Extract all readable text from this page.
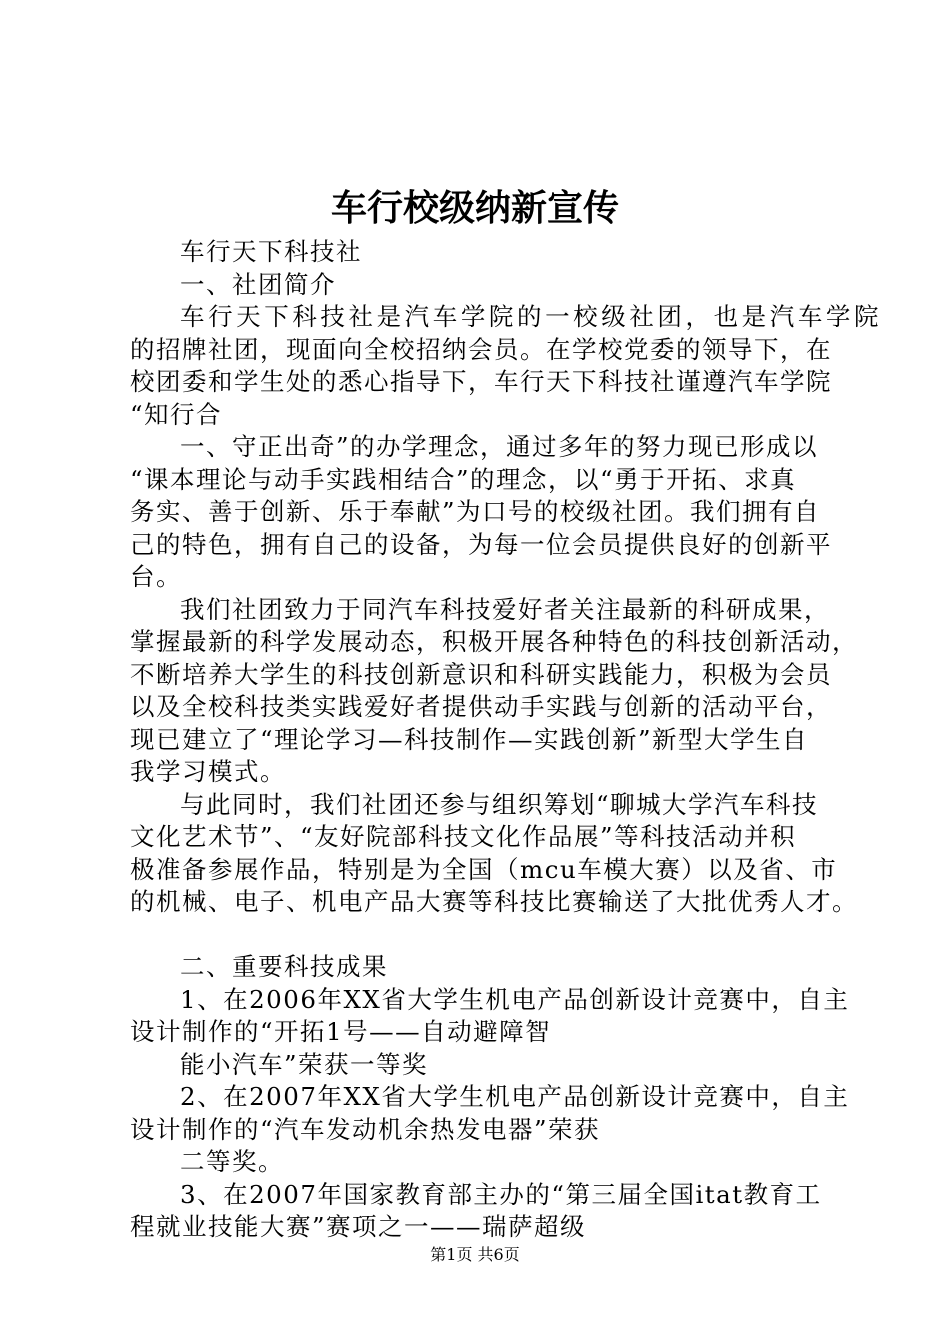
车行校级纳新宣传
车行天下科技社
一、社团简介
车行天下科技社是汽车学院的一校级社团，也是汽车学院
的招牌社团，现面向全校招纳会员。在学校党委的领导下，在
校团委和学生处的悉心指导下，车行天下科技社谨遵汽车学院
“知行合
一、守正出奇”的办学理念，通过多年的努力现已形成以
“课本理论与动手实践相结合”的理念，以“勇于开拓、求真
务实、善于创新、乐于奉献”为口号的校级社团。我们拥有自
己的特色，拥有自己的设备，为每一位会员提供良好的创新平
台。
我们社团致力于同汽车科技爱好者关注最新的科研成果，
掌握最新的科学发展动态，积极开展各种特色的科技创新活动，
不断培养大学生的科技创新意识和科研实践能力，积极为会员
以及全校科技类实践爱好者提供动手实践与创新的活动平台，
现已建立了“理论学习—科技制作—实践创新”新型大学生自
我学习模式。
与此同时，我们社团还参与组织筹划“聊城大学汽车科技
文化艺术节”、“友好院部科技文化作品展”等科技活动并积
极准备参展作品，特别是为全国（mcu车模大赛）以及省、市
的机械、电子、机电产品大赛等科技比赛输送了大批优秀人才。
二、重要科技成果
1、在2006年XX省大学生机电产品创新设计竞赛中，自主
设计制作的“开拓1号——自动避障智
能小汽车”荣获一等奖
2、在2007年XX省大学生机电产品创新设计竞赛中，自主
设计制作的“汽车发动机余热发电器”荣获
二等奖。
3、在2007年国家教育部主办的“第三届全国itat教育工
程就业技能大赛”赛项之一——瑞萨超级
第1页 共6页
